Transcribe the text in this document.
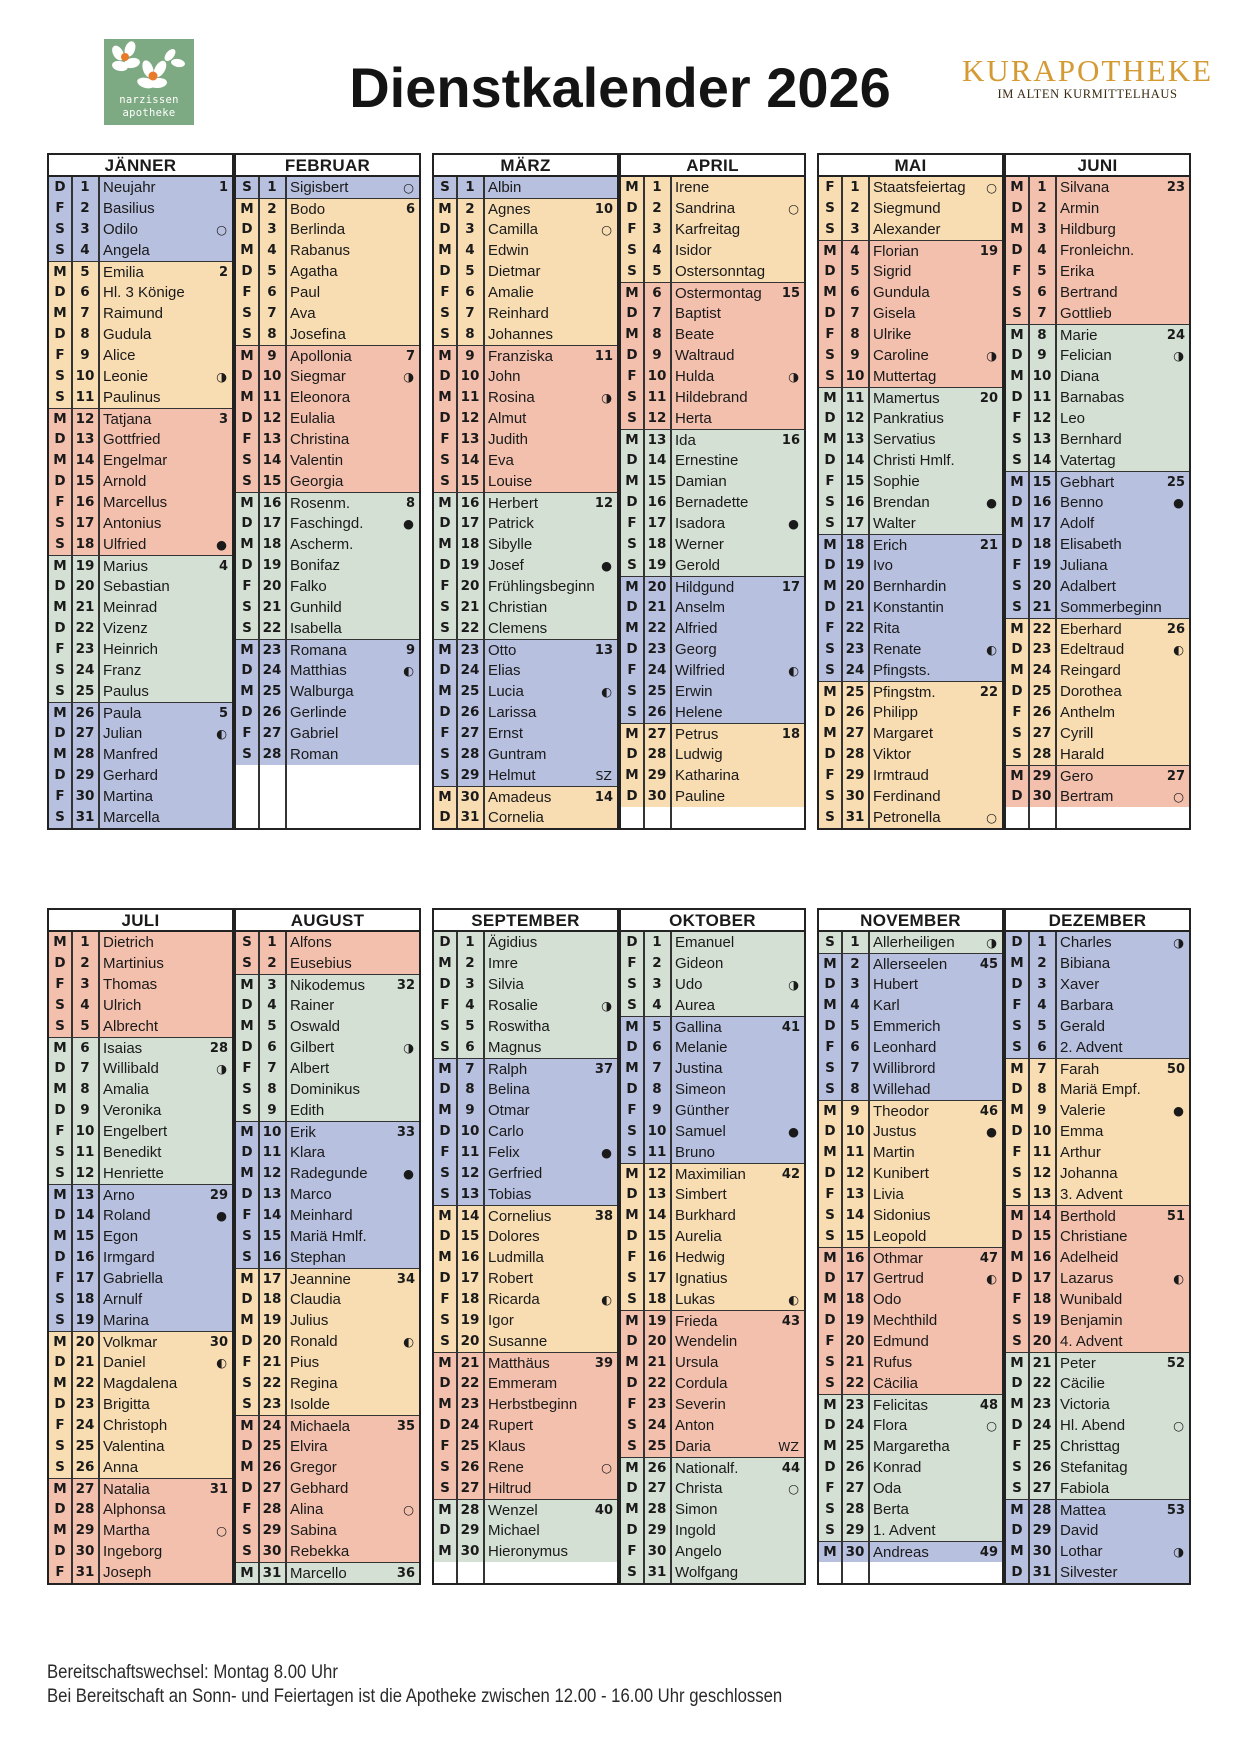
narzissen
apotheke	Dienstkalender 2026	KURAPOTHEKE
IM ALTEN KURMITTELHAUS
JÄNNER
D	1 Neujahr	1
F	2 Basilius
S	3 Odilo	○
S	4 Angela
M	5 Emilia	2
D	6 Hl. 3 Könige
M	7 Raimund
D	8 Gudula
F	9 Alice
S 10 Leonie	◑
S 11 Paulinus
M 12 Tatjana	3
D 13 Gottfried
M 14 Engelmar
D 15 Arnold
F 16 Marcellus
S 17 Antonius
S 18 Ulfried	●
M 19 Marius	4
D 20 Sebastian
M 21 Meinrad
D 22 Vizenz
F 23 Heinrich
S 24 Franz
S 25 Paulus
M 26 Paula	5
D 27 Julian	◐
M 28 Manfred
D 29 Gerhard
F 30 Martina
S 31 Marcella
FEBRUAR
S	1 Sigisbert	○
M	2 Bodo	6
D	3 Berlinda
M	4 Rabanus
D	5 Agatha
F	6 Paul
S	7 Ava
S	8 Josefina
M	9 Apollonia	7
D 10 Siegmar	◑
M 11 Eleonora
D 12 Eulalia
F 13 Christina
S 14 Valentin
S 15 Georgia
M 16 Rosenm.	8
D 17 Faschingd.	●
M 18 Ascherm.
D 19 Bonifaz
F 20 Falko
S 21 Gunhild
S 22 Isabella
M 23 Romana	9
D 24 Matthias	◐
M 25 Walburga
D 26 Gerlinde
F 27 Gabriel
S 28 Roman
MÄRZ
S	1 Albin
M	2 Agnes	10
D	3 Camilla	○
M	4 Edwin
D	5 Dietmar
F	6 Amalie
S	7 Reinhard
S	8 Johannes
M	9 Franziska	11
D 10 John
M 11 Rosina	◑
D 12 Almut
F 13 Judith
S 14 Eva
S 15 Louise
M 16 Herbert	12
D 17 Patrick
M 18 Sibylle
D 19 Josef	●
F 20 Frühlingsbeginn
S 21 Christian
S 22 Clemens
M 23 Otto	13
D 24 Elias
M 25 Lucia	◐
D 26 Larissa
F 27 Ernst
S 28 Guntram
S 29 Helmut	SZ
M 30 Amadeus	14
D 31 Cornelia
APRIL
M	1 Irene
D	2 Sandrina	○
F	3 Karfreitag
S	4 Isidor
S	5 Ostersonntag
M	6 Ostermontag 15
D	7 Baptist
M	8 Beate
D	9 Waltraud
F 10 Hulda	◑
S 11 Hildebrand
S 12 Herta
M 13 Ida	16
D 14 Ernestine
M 15 Damian
D 16 Bernadette
F 17 Isadora	●
S 18 Werner
S 19 Gerold
M 20 Hildgund	17
D 21 Anselm
M 22 Alfried
D 23 Georg
F 24 Wilfried	◐
S 25 Erwin
S 26 Helene
M 27 Petrus	18
D 28 Ludwig
M 29 Katharina
D 30 Pauline
MAI
F	1 Staatsfeiertag ○
S	2 Siegmund
S	3 Alexander
M	4 Florian	19
D	5 Sigrid
M	6 Gundula
D	7 Gisela
F	8 Ulrike
S	9 Caroline	◑
S 10 Muttertag
M 11 Mamertus	20
D 12 Pankratius
M 13 Servatius
D 14 Christi Hmlf.
F 15 Sophie
S 16 Brendan	●
S 17 Walter
M 18 Erich	21
D 19 Ivo
M 20 Bernhardin
D 21 Konstantin
F 22 Rita
S 23 Renate	◐
S 24 Pfingsts.
M 25 Pfingstm.	22
D 26 Philipp
M 27 Margaret
D 28 Viktor
F 29 Irmtraud
S 30 Ferdinand
S 31 Petronella	○
JUNI
M	1 Silvana	23
D	2 Armin
M	3 Hildburg
D	4 Fronleichn.
F	5 Erika
S	6 Bertrand
S	7 Gottlieb
M	8 Marie	24
D	9 Felician	◑
M 10 Diana
D 11 Barnabas
F 12 Leo
S 13 Bernhard
S 14 Vatertag
M 15 Gebhart	25
D 16 Benno	●
M 17 Adolf
D 18 Elisabeth
F 19 Juliana
S 20 Adalbert
S 21 Sommerbeginn
M 22 Eberhard	26
D 23 Edeltraud	◐
M 24 Reingard
D 25 Dorothea
F 26 Anthelm
S 27 Cyrill
S 28 Harald
M 29 Gero	27
D 30 Bertram	○
JULI
M	1 Dietrich
D	2 Martinius
F	3 Thomas
S	4 Ulrich
S	5 Albrecht
M	6 Isaias	28
D	7 Willibald	◑
M	8 Amalia
D	9 Veronika
F 10 Engelbert
S 11 Benedikt
S 12 Henriette
M 13 Arno	29
D 14 Roland	●
M 15 Egon
D 16 Irmgard
F 17 Gabriella
S 18 Arnulf
S 19 Marina
M 20 Volkmar	30
D 21 Daniel	◐
M 22 Magdalena
D 23 Brigitta
F 24 Christoph
S 25 Valentina
S 26 Anna
M 27 Natalia	31
D 28 Alphonsa
M 29 Martha	○
D 30 Ingeborg
F 31 Joseph
AUGUST
S	1 Alfons
S	2 Eusebius
M	3 Nikodemus 32
D	4 Rainer
M	5 Oswald
D	6 Gilbert	◑
F	7 Albert
S	8 Dominikus
S	9 Edith
M 10 Erik	33
D 11 Klara
M 12 Radegunde	●
D 13 Marco
F 14 Meinhard
S 15 Mariä Hmlf.
S 16 Stephan
M 17 Jeannine	34
D 18 Claudia
M 19 Julius
D 20 Ronald	◐
F 21 Pius
S 22 Regina
S 23 Isolde
M 24 Michaela	35
D 25 Elvira
M 26 Gregor
D 27 Gebhard
F 28 Alina	○
S 29 Sabina
S 30 Rebekka
M 31 Marcello	36
SEPTEMBER
D	1 Ägidius
M	2 Imre
D	3 Silvia
F	4 Rosalie	◑
S	5 Roswitha
S	6 Magnus
M	7 Ralph	37
D	8 Belina
M	9 Otmar
D 10 Carlo
F 11 Felix	●
S 12 Gerfried
S 13 Tobias
M 14 Cornelius	38
D 15 Dolores
M 16 Ludmilla
D 17 Robert
F 18 Ricarda	◐
S 19 Igor
S 20 Susanne
M 21 Matthäus	39
D 22 Emmeram
M 23 Herbstbeginn
D 24 Rupert
F 25 Klaus
S 26 Rene	○
S 27 Hiltrud
M 28 Wenzel	40
D 29 Michael
M 30 Hieronymus
OKTOBER
D	1 Emanuel
F	2 Gideon
S	3 Udo	◑
S	4 Aurea
M	5 Gallina	41
D	6 Melanie
M	7 Justina
D	8 Simeon
F	9 Günther
S 10 Samuel	●
S 11 Bruno
M 12 Maximilian	42
D 13 Simbert
M 14 Burkhard
D 15 Aurelia
F 16 Hedwig
S 17 Ignatius
S 18 Lukas	◐
M 19 Frieda	43
D 20 Wendelin
M 21 Ursula
D 22 Cordula
F 23 Severin
S 24 Anton
S 25 Daria	WZ
M 26 Nationalf.	44
D 27 Christa	○
M 28 Simon
D 29 Ingold
F 30 Angelo
S 31 Wolfgang
NOVEMBER
S	1 Allerheiligen	◑
M	2 Allerseelen	45
D	3 Hubert
M	4 Karl
D	5 Emmerich
F	6 Leonhard
S	7 Willibrord
S	8 Willehad
M	9 Theodor	46
D 10 Justus	●
M 11 Martin
D 12 Kunibert
F 13 Livia
S 14 Sidonius
S 15 Leopold
M 16 Othmar	47
D 17 Gertrud	◐
M 18 Odo
D 19 Mechthild
F 20 Edmund
S 21 Rufus
S 22 Cäcilia
M 23 Felicitas	48
D 24 Flora	○
M 25 Margaretha
D 26 Konrad
F 27 Oda
S 28 Berta
S 29 1. Advent
M 30 Andreas	49
DEZEMBER
D	1 Charles	◑
M	2 Bibiana
D	3 Xaver
F	4 Barbara
S	5 Gerald
S	6 2. Advent
M	7 Farah	50
D	8 Mariä Empf.
M	9 Valerie	●
D 10 Emma
F 11 Arthur
S 12 Johanna
S 13 3. Advent
M 14 Berthold	51
D 15 Christiane
M 16 Adelheid
D 17 Lazarus	◐
F 18 Wunibald
S 19 Benjamin
S 20 4. Advent
M 21 Peter	52
D 22 Cäcilie
M 23 Victoria
D 24 Hl. Abend	○
F 25 Christtag
S 26 Stefanitag
S 27 Fabiola
M 28 Mattea	53
D 29 David
M 30 Lothar	◑
D 31 Silvester
Bereitschaftswechsel: Montag 8.00 Uhr
Bei Bereitschaft an Sonn- und Feiertagen ist die Apotheke zwischen 12.00 - 16.00 Uhr geschlossen
